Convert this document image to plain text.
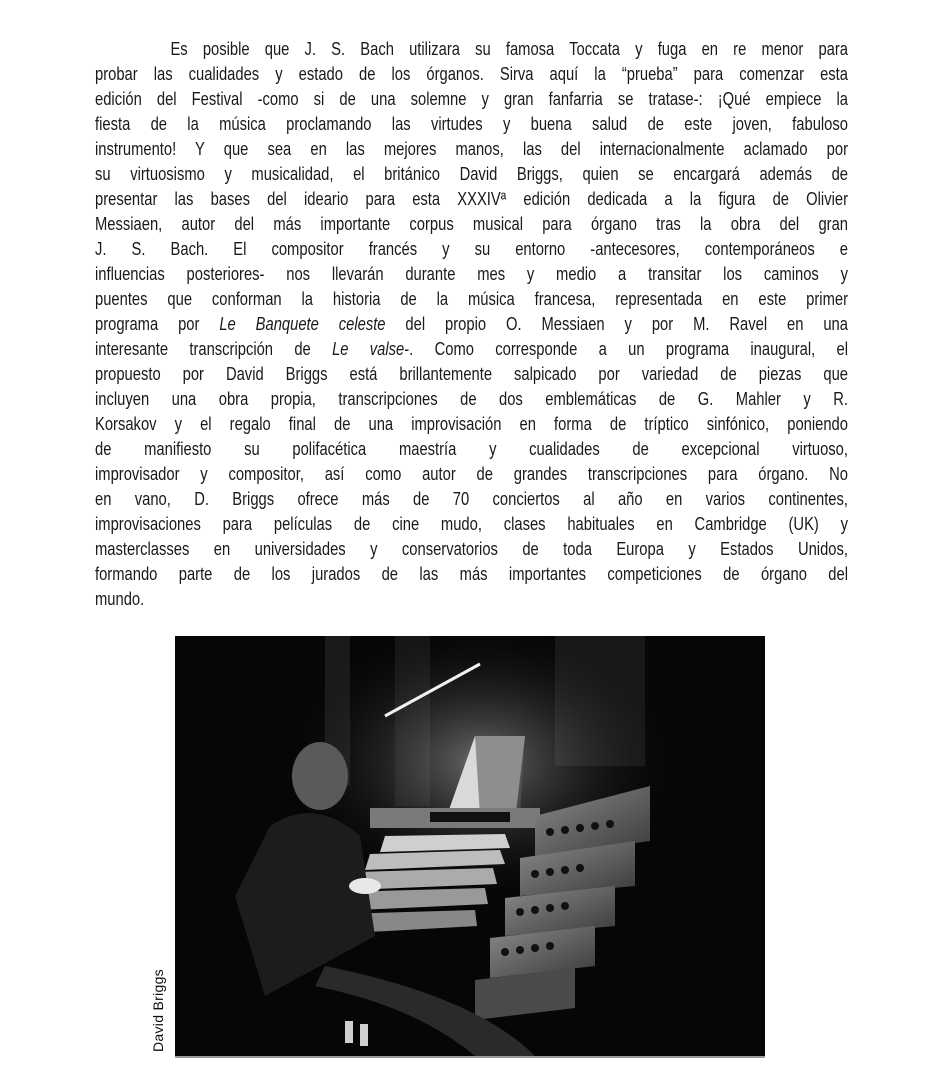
Es posible que J. S. Bach utilizara su famosa Toccata y fuga en re menor para
probar las cualidades y estado de los órganos. Sirva aquí la “prueba” para comenzar esta
edición del Festival -como si de una solemne y gran fanfarria se tratase-: ¡Qué empiece la
fiesta de la música proclamando las virtudes y buena salud de este joven, fabuloso
instrumento! Y que sea en las mejores manos, las del internacionalmente aclamado por
su virtuosismo y musicalidad, el británico David Briggs, quien se encargará además de
presentar las bases del ideario para esta XXXIVª edición dedicada a la figura de Olivier
Messiaen, autor del más importante corpus musical para órgano tras la obra del gran
J. S. Bach. El compositor francés y su entorno -antecesores, contemporáneos e
influencias posteriores- nos llevarán durante mes y medio a transitar los caminos y
puentes que conforman la historia de la música francesa, representada en este primer
programa por Le Banquete celeste del propio O. Messiaen y por M. Ravel en una
interesante transcripción de Le valse-. Como corresponde a un programa inaugural, el
propuesto por David Briggs está brillantemente salpicado por variedad de piezas que
incluyen una obra propia, transcripciones de dos emblemáticas de G. Mahler y R.
Korsakov y el regalo final de una improvisación en forma de tríptico sinfónico, poniendo
de manifiesto su polifacética maestría y cualidades de excepcional virtuoso,
improvisador y compositor, así como autor de grandes transcripciones para órgano. No
en vano, D. Briggs ofrece más de 70 conciertos al año en varios continentes,
improvisaciones para películas de cine mudo, clases habituales en Cambridge (UK) y
masterclasses en universidades y conservatorios de toda Europa y Estados Unidos,
formando parte de los jurados de las más importantes competiciones de órgano del
mundo.
David Briggs
